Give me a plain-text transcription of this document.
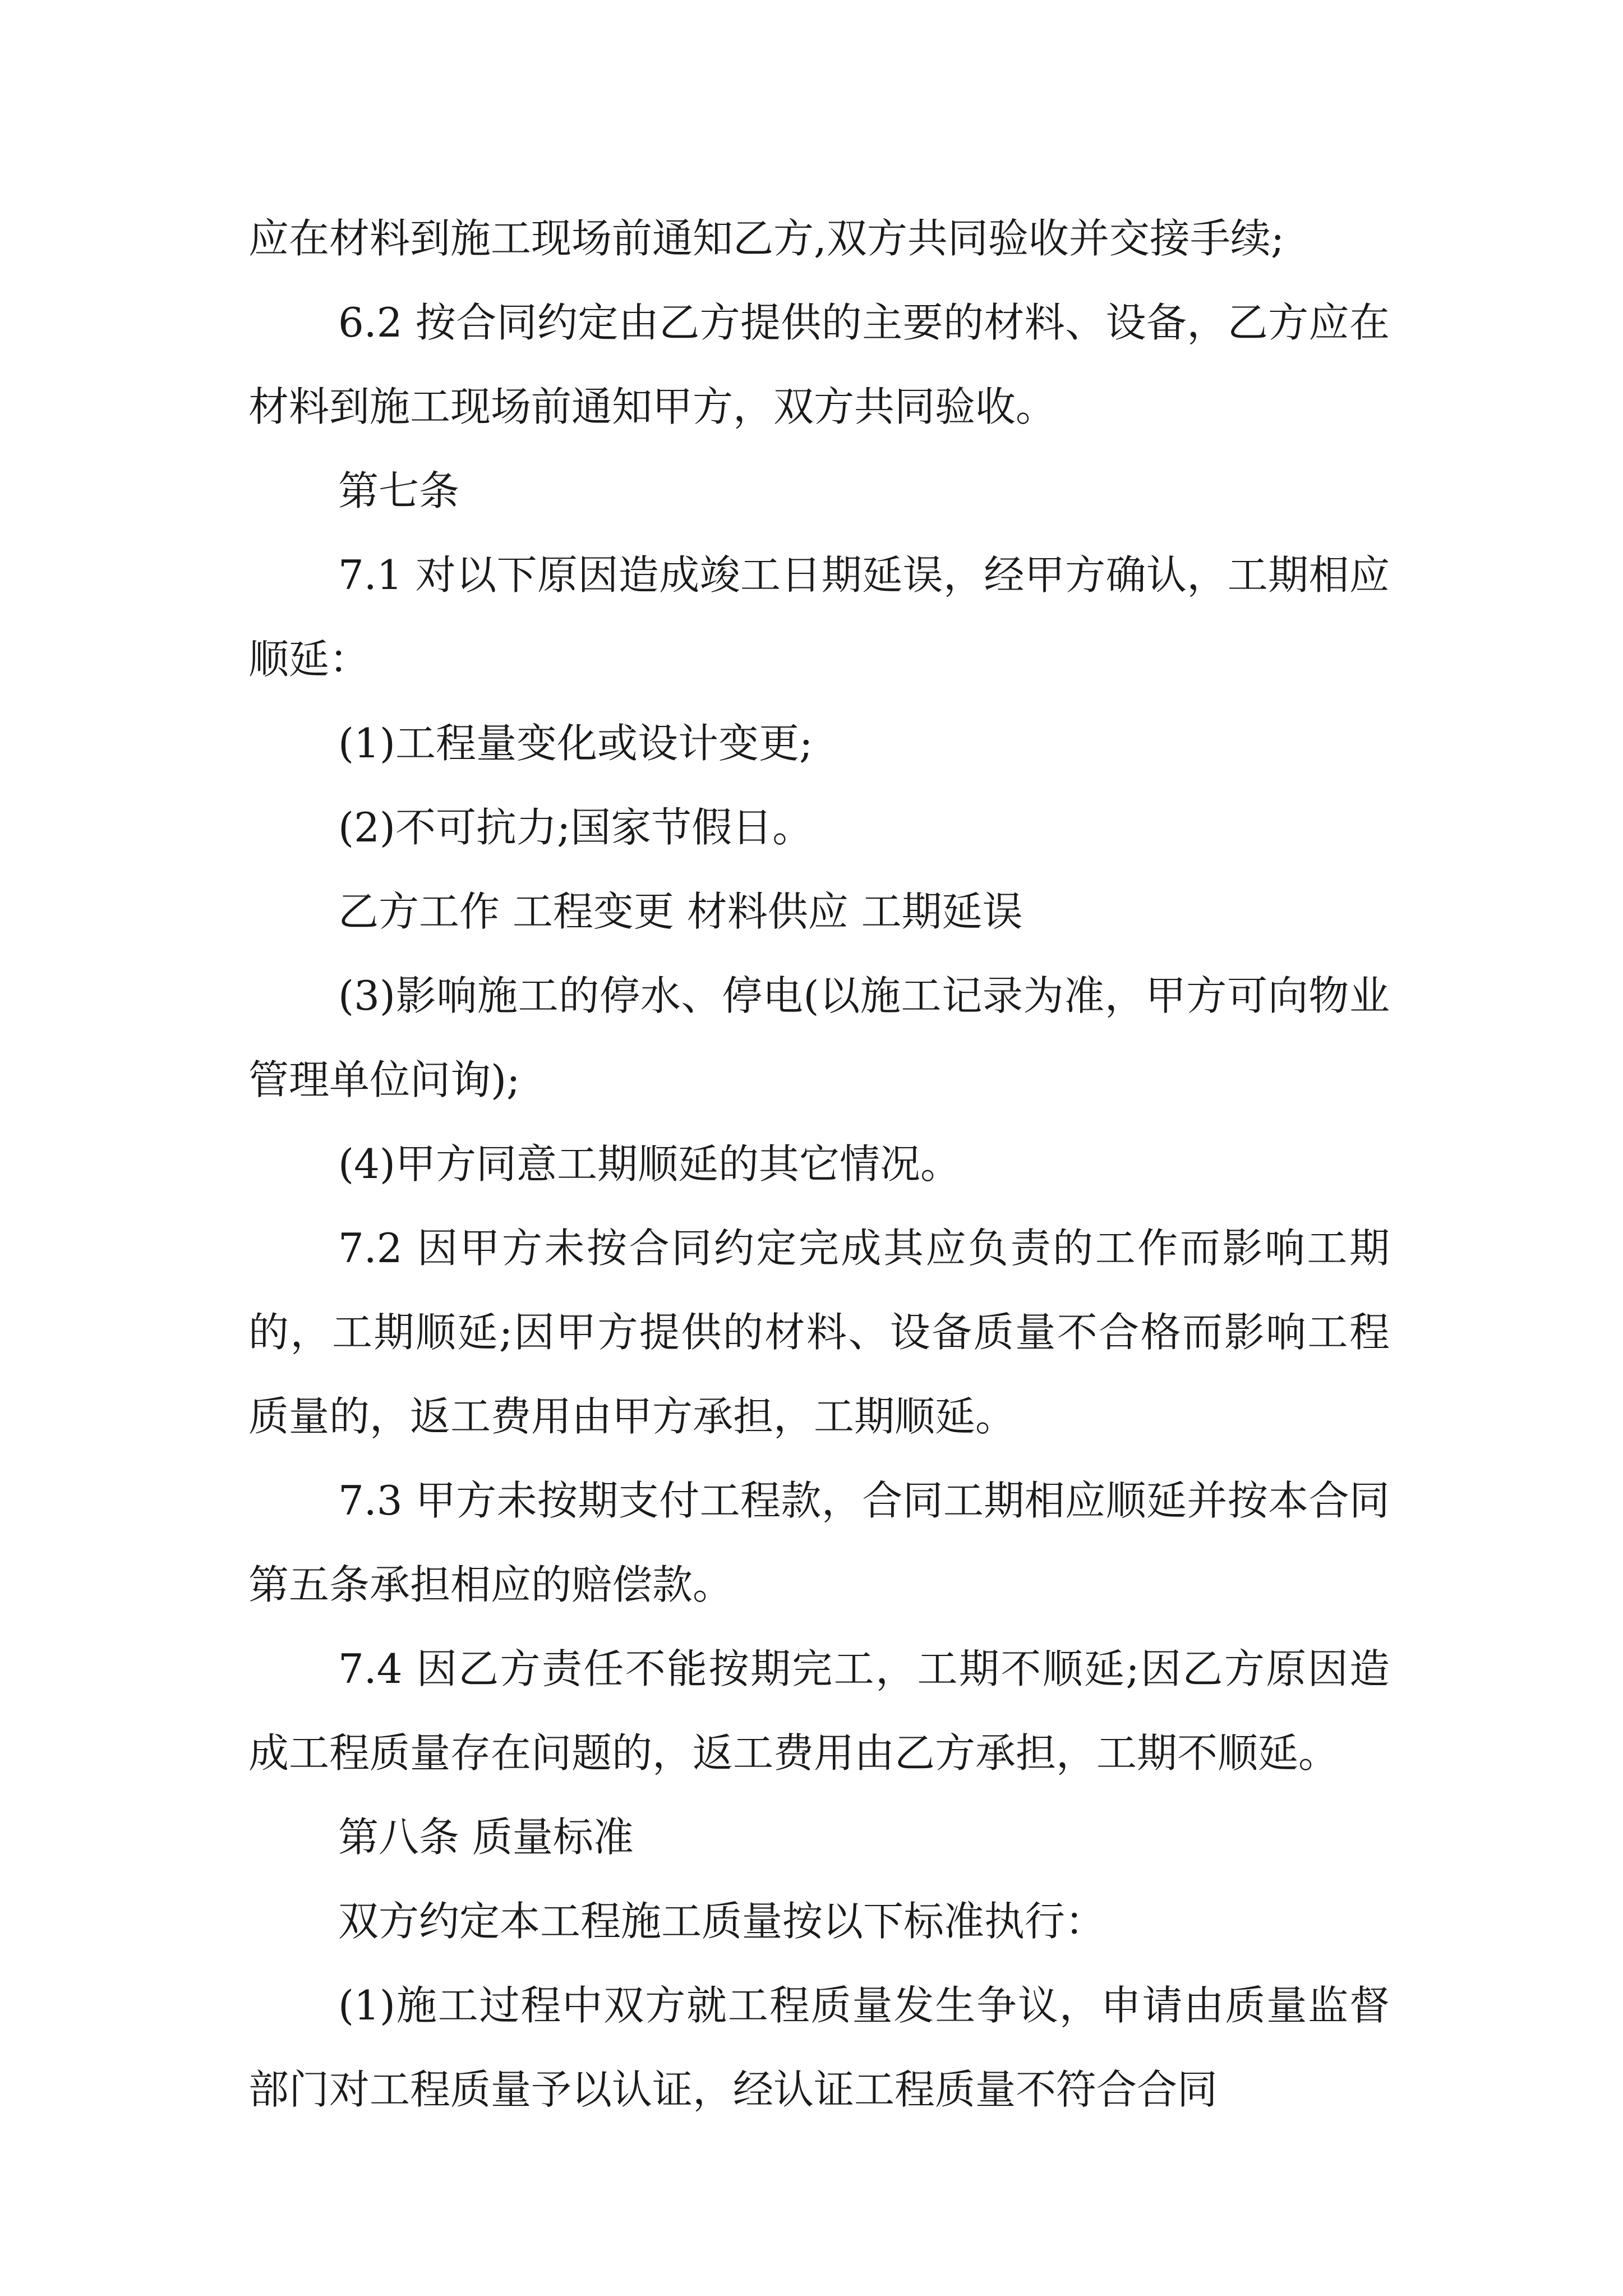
应在材料到施工现场前通知乙方,双方共同验收并交接手续;

6.2 按合同约定由乙方提供的主要的材料、设备，乙方应在材料到施工现场前通知甲方，双方共同验收。

第七条

7.1 对以下原因造成竣工日期延误，经甲方确认，工期相应顺延：

(1)工程量变化或设计变更;

(2)不可抗力;国家节假日。

乙方工作 工程变更 材料供应 工期延误

(3)影响施工的停水、停电(以施工记录为准，甲方可向物业管理单位问询);

(4)甲方同意工期顺延的其它情况。

7.2 因甲方未按合同约定完成其应负责的工作而影响工期的，工期顺延;因甲方提供的材料、设备质量不合格而影响工程质量的，返工费用由甲方承担，工期顺延。

7.3 甲方未按期支付工程款，合同工期相应顺延并按本合同第五条承担相应的赔偿款。

7.4 因乙方责任不能按期完工，工期不顺延;因乙方原因造成工程质量存在问题的，返工费用由乙方承担，工期不顺延。

第八条 质量标准

双方约定本工程施工质量按以下标准执行：

(1)施工过程中双方就工程质量发生争议，申请由质量监督部门对工程质量予以认证，经认证工程质量不符合合同
